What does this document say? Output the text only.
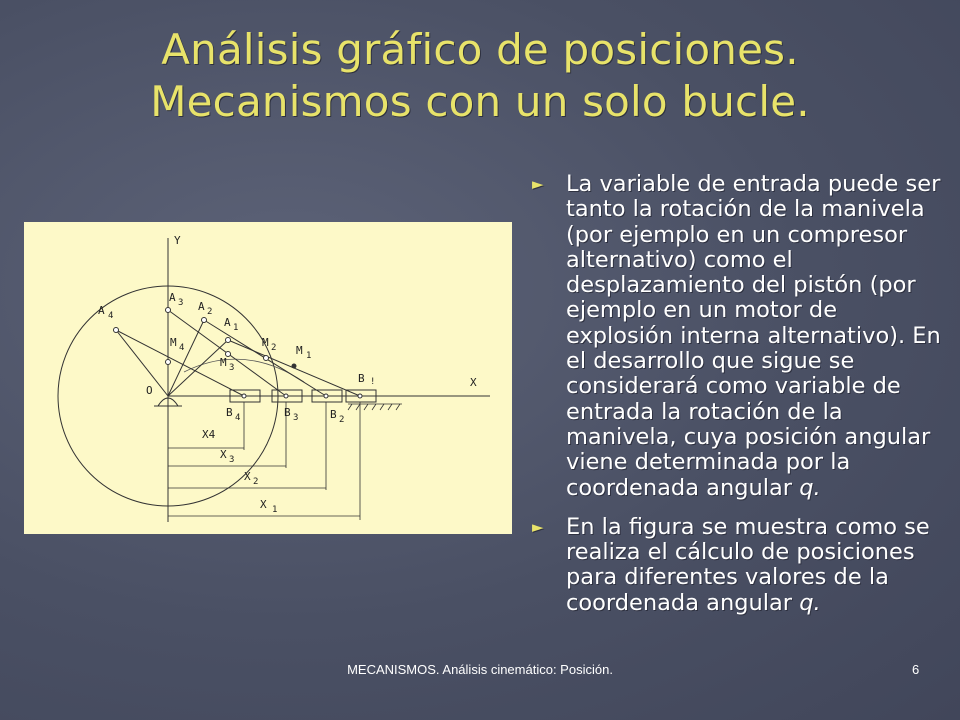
Análisis gráfico de posiciones.
Mecanismos con un solo bucle.
Y
X
O
A 4
A 3 A 2
A 1
M 4
M 3
M 2 M 1
B 4	B 3	B 2
B !
X4
X 3
X 2
X 1
► La variable de entrada puede ser tanto la rotación de la manivela (por ejemplo en un compresor alternativo) como el desplazamiento del pistón (por ejemplo en un motor de explosión interna alternativo). En el desarrollo que sigue se considerará como variable de entrada la rotación de la manivela, cuya posición angular viene determinada por la coordenada angular q.
► En la figura se muestra como se realiza el cálculo de posiciones para diferentes valores de la coordenada angular q.
MECANISMOS. Análisis cinemático: Posición.	6
